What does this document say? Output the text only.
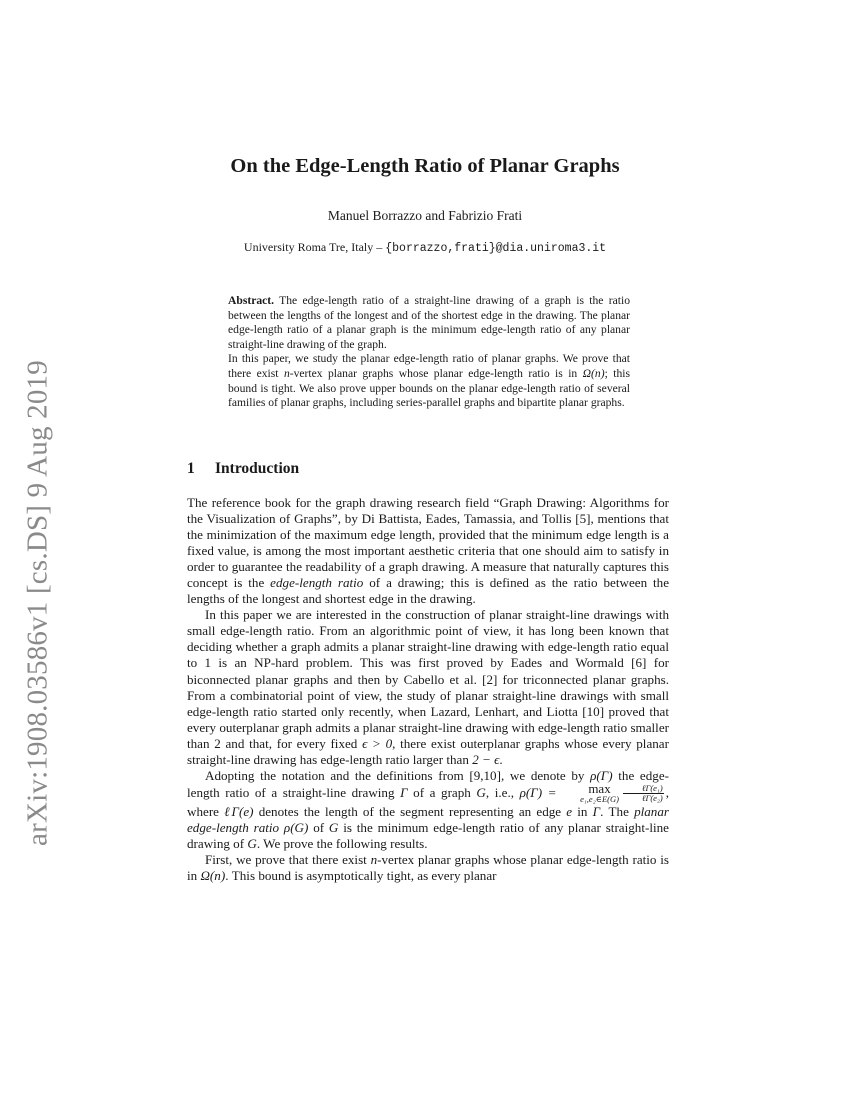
arXiv:1908.03586v1 [cs.DS] 9 Aug 2019
On the Edge-Length Ratio of Planar Graphs
Manuel Borrazzo and Fabrizio Frati
University Roma Tre, Italy – {borrazzo,frati}@dia.uniroma3.it

Abstract. The edge-length ratio of a straight-line drawing of a graph is the ratio between the lengths of the longest and of the shortest edge in the drawing. The planar edge-length ratio of a planar graph is the minimum edge-length ratio of any planar straight-line drawing of the graph.

In this paper, we study the planar edge-length ratio of planar graphs. We prove that there exist n-vertex planar graphs whose planar edge-length ratio is in Ω(n); this bound is tight. We also prove upper bounds on the planar edge-length ratio of several families of planar graphs, including series-parallel graphs and bipartite planar graphs.

1 Introduction

The reference book for the graph drawing research field “Graph Drawing: Algorithms for the Visualization of Graphs”, by Di Battista, Eades, Tamassia, and Tollis [5], mentions that the minimization of the maximum edge length, provided that the minimum edge length is a fixed value, is among the most important aesthetic criteria that one should aim to satisfy in order to guarantee the readability of a graph drawing. A measure that naturally captures this concept is the edge-length ratio of a drawing; this is defined as the ratio between the lengths of the longest and shortest edge in the drawing.

In this paper we are interested in the construction of planar straight-line drawings with small edge-length ratio. From an algorithmic point of view, it has long been known that deciding whether a graph admits a planar straight-line drawing with edge-length ratio equal to 1 is an NP-hard problem. This was first proved by Eades and Wormald [6] for biconnected planar graphs and then by Cabello et al. [2] for triconnected planar graphs. From a combinatorial point of view, the study of planar straight-line drawings with small edge-length ratio started only recently, when Lazard, Lenhart, and Liotta [10] proved that every outerplanar graph admits a planar straight-line drawing with edge-length ratio smaller than 2 and that, for every fixed ϵ > 0, there exist outerplanar graphs whose every planar straight-line drawing has edge-length ratio larger than 2 − ϵ.

Adopting the notation and the definitions from [9,10], we denote by ρ(Γ) the edge-length ratio of a straight-line drawing Γ of a graph G, i.e., ρ(Γ) =	max
e₁,e₂∈E(G) $\frac{\text{ℓΓ(e₁)}}{\text{ℓΓ(e₂)}}$ , where ℓΓ(e) denotes the length of the segment representing an edge e in Γ. The planar edge-length ratio ρ(G) of G is the minimum edge-length ratio of any planar straight-line drawing of G. We prove the following results.

First, we prove that there exist n-vertex planar graphs whose planar edge-length ratio is in Ω(n). This bound is asymptotically tight, as every planar
